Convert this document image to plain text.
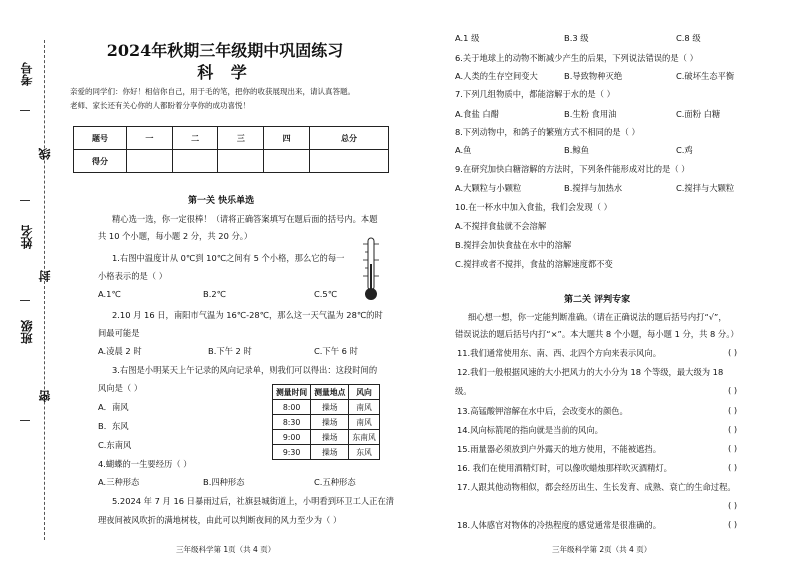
考号
线
姓名
封
班级
密
2024年秋期三年级期中巩固练习
科 学
亲爱的同学们：你好！相信你自己，用于毛的笔，把你的收获展现出来，请认真答题。
老师、家长还有关心你的人都盼着分享你的成功喜悦！
题号	一	二	三	四	总分
得分					
第一关 快乐单选
精心选一选，你一定很棒！（请将正确答案填写在题后面的括号内。本题
共 10 个小题，每小题 2 分，共 20 分。）
1.右图中温度计从 0℃到 10℃之间有 5 个小格，那么它的每一
小格表示的是（ ）
A.1℃	B.2℃	C.5℃
2.10 月 16 日，南阳市气温为 16℃-28℃，那么这一天气温为 28℃的时
间最可能是
A.凌晨 2 时	B.下午 2 时	C.下午 6 时
3.右图是小明某天上午记录的风向记录单，则我们可以得出：这段时间的
风向是（ ）
A．南风
B．东风
C.东南风
测量时间	测量地点	风向
8:00	操场	南风
8:30	操场	南风
9:00	操场	东南风
9:30	操场	东风
4.蝴蝶的一生要经历（ ）
A.三种形态	B.四种形态	C.五种形态
5.2024 年 7 月 16 日暴雨过后，社旗县城街道上，小明看到环卫工人正在清
理夜间被风吹折的满地树枝，由此可以判断夜间的风力至少为（ ）
三年级科学第 1页（共 4 页）
A.1 级	B.3 级	C.8 级
6.关于地球上的动物不断减少产生的后果，下列说法错误的是（ ）
A.人类的生存空间变大	B.导致物种灭绝	C.破坏生态平衡
7.下列几组物质中，都能溶解于水的是（ ）
A.食盐 白醋	B.生粉 食用油	C.面粉 白糖
8.下列动物中，和鸽子的繁殖方式不相同的是（ ）
A.鱼	B.鲸鱼	C.鸡
9.在研究加快白糖溶解的方法时，下列条件能形成对比的是（ ）
A.大颗粒与小颗粒	B.搅拌与加热水	C.搅拌与大颗粒
10.在一杯水中加入食盐，我们会发现（ ）
A.不搅拌食盐就不会溶解
B.搅拌会加快食盐在水中的溶解
C.搅拌或者不搅拌，食盐的溶解速度都不变
第二关 评判专家
细心想一想，你一定能判断准确。（请在正确说法的题后括号内打“√”，
错误说法的题后括号内打“×”。本大题共 8 个小题，每小题 1 分，共 8 分。）
11.我们通常使用东、南、西、北四个方向来表示风向。	( )
12.我们一般根据风速的大小把风力的大小分为 18 个等级，最大级为 18
级。	( )
13.高锰酸钾溶解在水中后，会改变水的颜色。	( )
14.风向标箭尾的指向就是当前的风向。	( )
15.雨量器必须放到户外露天的地方使用，不能被遮挡。	( )
16. 我们在使用酒精灯时，可以像吹蜡烛那样吹灭酒精灯。	( )
17.人跟其他动物相似，都会经历出生、生长发育、成熟、衰亡的生命过程。
( )
18.人体感官对物体的冷热程度的感觉通常是很准确的。	( )
三年级科学第 2页（共 4 页）
